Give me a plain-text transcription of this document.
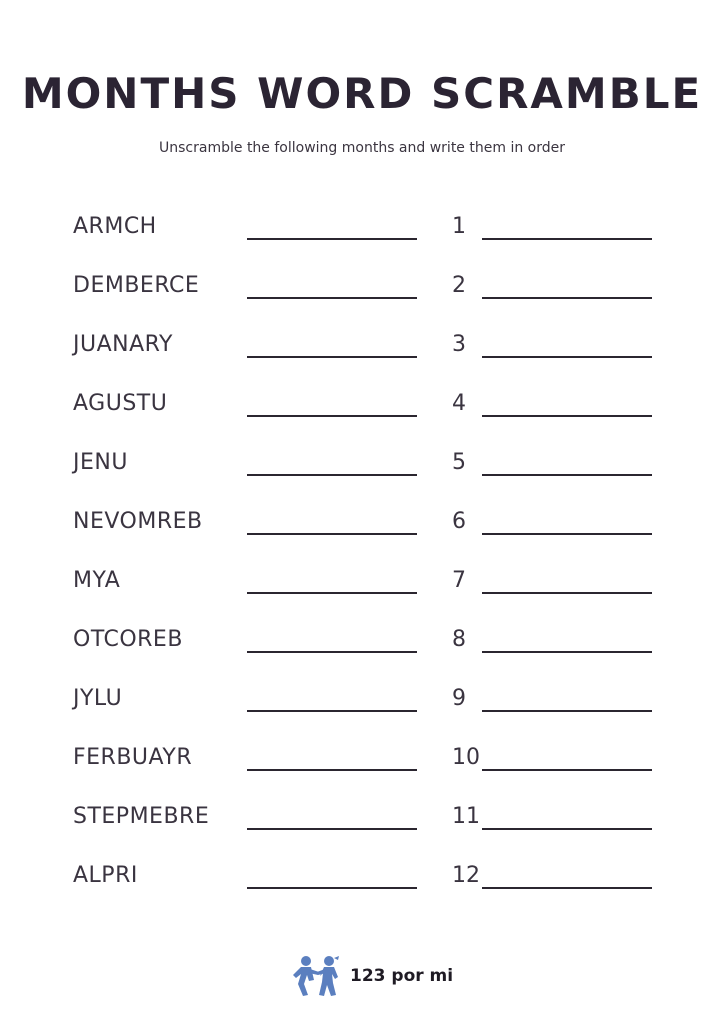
MONTHS WORD SCRAMBLE
Unscramble the following months and write them in order
ARMCH	1
DEMBERCE	2
JUANARY	3
AGUSTU	4
JENU	5
NEVOMREB	6
MYA	7
OTCOREB	8
JYLU	9
FERBUAYR	10
STEPMEBRE	11
ALPRI	12
123 por mi
